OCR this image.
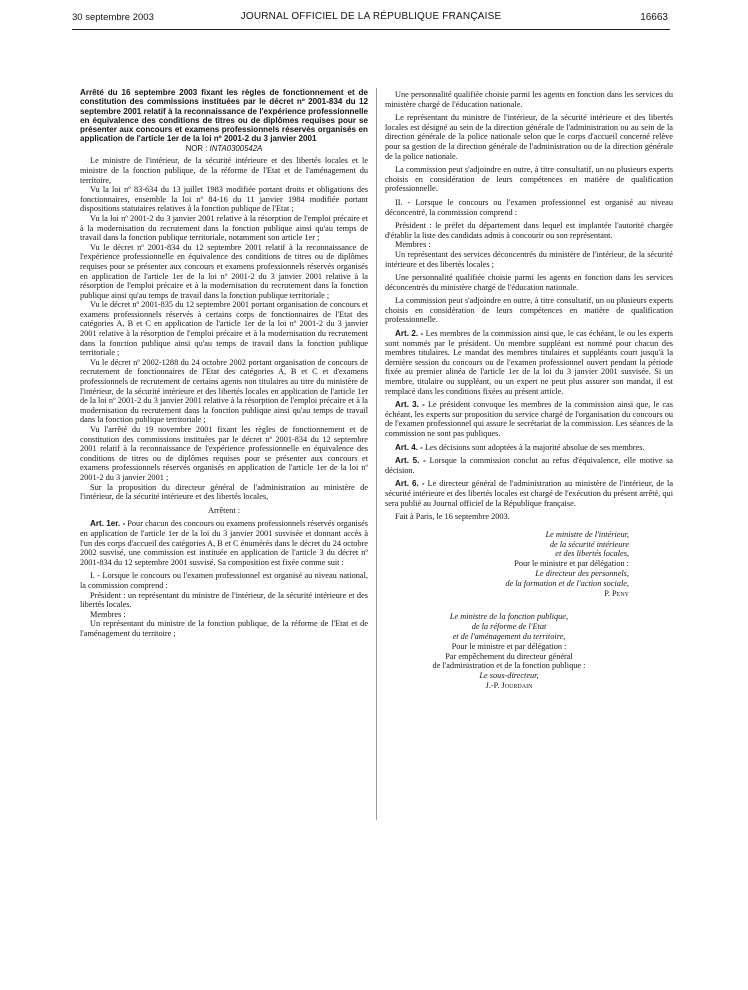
30 septembre 2003	JOURNAL OFFICIEL DE LA RÉPUBLIQUE FRANÇAISE	16663

Arrêté du 16 septembre 2003 fixant les règles de fonctionnement et de constitution des commissions instituées par le décret nº 2001-834 du 12 septembre 2001 relatif à la reconnaissance de l'expérience professionnelle en équivalence des conditions de titres ou de diplômes requises pour se présenter aux concours et examens professionnels réservés organisés en application de l'article 1er de la loi nº 2001-2 du 3 janvier 2001

NOR : INTA0300542A

Le ministre de l'intérieur, de la sécurité intérieure et des libertés locales et le ministre de la fonction publique, de la réforme de l'Etat et de l'aménagement du territoire,

Vu la loi nº 83-634 du 13 juillet 1983 modifiée portant droits et obligations des fonctionnaires, ensemble la loi nº 84-16 du 11 janvier 1984 modifiée portant dispositions statutaires relatives à la fonction publique de l'Etat ;

Vu la loi nº 2001-2 du 3 janvier 2001 relative à la résorption de l'emploi précaire et à la modernisation du recrutement dans la fonction publique ainsi qu'au temps de travail dans la fonction publique territoriale, notamment son article 1er ;

Vu le décret nº 2001-834 du 12 septembre 2001 relatif à la reconnaissance de l'expérience professionnelle en équivalence des conditions de titres ou de diplômes requises pour se présenter aux concours et examens professionnels réservés organisés en application de l'article 1er de la loi nº 2001-2 du 3 janvier 2001 relative à la résorption de l'emploi précaire et à la modernisation du recrutement dans la fonction publique ainsi qu'au temps de travail dans la fonction publique territoriale ;

Vu le décret nº 2001-835 du 12 septembre 2001 portant organisation de concours et examens professionnels réservés à certains corps de fonctionnaires de l'Etat des catégories A, B et C en application de l'article 1er de la loi nº 2001-2 du 3 janvier 2001 relative à la résorption de l'emploi précaire et à la modernisation du recrutement dans la fonction publique ainsi qu'au temps de travail dans la fonction publique territoriale ;

Vu le décret nº 2002-1288 du 24 octobre 2002 portant organisation de concours de recrutement de fonctionnaires de l'Etat des catégories A, B et C et d'examens professionnels de recrutement de certains agents non titulaires au titre du ministère de l'intérieur, de la sécurité intérieure et des libertés locales en application de l'article 1er de la loi nº 2001-2 du 3 janvier 2001 relative à la résorption de l'emploi précaire et à la modernisation du recrutement dans la fonction publique ainsi qu'au temps de travail dans la fonction publique territoriale ;

Vu l'arrêté du 19 novembre 2001 fixant les règles de fonctionnement et de constitution des commissions instituées par le décret nº 2001-834 du 12 septembre 2001 relatif à la reconnaissance de l'expérience professionnelle en équivalence des conditions de titres ou de diplômes requises pour se présenter aux concours et examens professionnels réservés organisés en application de l'article 1er de la loi nº 2001-2 du 3 janvier 2001 ;

Sur la proposition du directeur général de l'administration au ministère de l'intérieur, de la sécurité intérieure et des libertés locales,

Arrêtent :

Art. 1er. - Pour chacun des concours ou examens professionnels réservés organisés en application de l'article 1er de la loi du 3 janvier 2001 susvisée et donnant accès à l'un des corps d'accueil des catégories A, B et C énumérés dans le décret du 24 octobre 2002 susvisé, une commission est instituée en application de l'article 3 du décret nº 2001-834 du 12 septembre 2001 susvisé. Sa composition est fixée comme suit :

I. - Lorsque le concours ou l'examen professionnel est organisé au niveau national, la commission comprend :

Président : un représentant du ministre de l'intérieur, de la sécurité intérieure et des libertés locales.

Membres :

Un représentant du ministre de la fonction publique, de la réforme de l'Etat et de l'aménagement du territoire ;

Une personnalité qualifiée choisie parmi les agents en fonction dans les services du ministère chargé de l'éducation nationale.

Le représentant du ministre de l'intérieur, de la sécurité intérieure et des libertés locales est désigné au sein de la direction générale de l'administration ou au sein de la direction générale de la police nationale selon que le corps d'accueil concerné relève pour sa gestion de la direction générale de l'administration ou de la direction générale de la police nationale.

La commission peut s'adjoindre en outre, à titre consultatif, un ou plusieurs experts choisis en considération de leurs compétences en matière de qualification professionnelle.

II. - Lorsque le concours ou l'examen professionnel est organisé au niveau déconcentré, la commission comprend :

Président : le préfet du département dans lequel est implantée l'autorité chargée d'établir la liste des candidats admis à concourir ou son représentant.

Membres :

Un représentant des services déconcentrés du ministère de l'intérieur, de la sécurité intérieure et des libertés locales ;

Une personnalité qualifiée choisie parmi les agents en fonction dans les services déconcentrés du ministère chargé de l'éducation nationale.

La commission peut s'adjoindre en outre, à titre consultatif, un ou plusieurs experts choisis en considération de leurs compétences en matière de qualification professionnelle.

Art. 2. - Les membres de la commission ainsi que, le cas échéant, le ou les experts sont nommés par le président. Un membre suppléant est nommé pour chacun des membres titulaires. Le mandat des membres titulaires et suppléants court jusqu'à la dernière session du concours ou de l'examen professionnel ouvert pendant la période fixée au premier alinéa de l'article 1er de la loi du 3 janvier 2001 susvisée. Si un membre, titulaire ou suppléant, ou un expert ne peut plus assurer son mandat, il est remplacé dans les conditions fixées au présent article.

Art. 3. - Le président convoque les membres de la commission ainsi que, le cas échéant, les experts sur proposition du service chargé de l'organisation du concours ou de l'examen professionnel qui assure le secrétariat de la commission. Les séances de la commission ne sont pas publiques.

Art. 4. - Les décisions sont adoptées à la majorité absolue de ses membres.

Art. 5. - Lorsque la commission conclut au refus d'équivalence, elle motive sa décision.

Art. 6. - Le directeur général de l'administration au ministère de l'intérieur, de la sécurité intérieure et des libertés locales est chargé de l'exécution du présent arrêté, qui sera publié au Journal officiel de la République française.

Fait à Paris, le 16 septembre 2003.

Le ministre de l'intérieur,
de la sécurité intérieure
et des libertés locales,
Pour le ministre et par délégation :
Le directeur des personnels,
de la formation et de l'action sociale,
P. Peny
Le ministre de la fonction publique,
de la réforme de l'Etat
et de l'aménagement du territoire,
Pour le ministre et par délégation :
Par empêchement du directeur général
de l'administration et de la fonction publique :
Le sous-directeur,
J.-P. Jourdain
